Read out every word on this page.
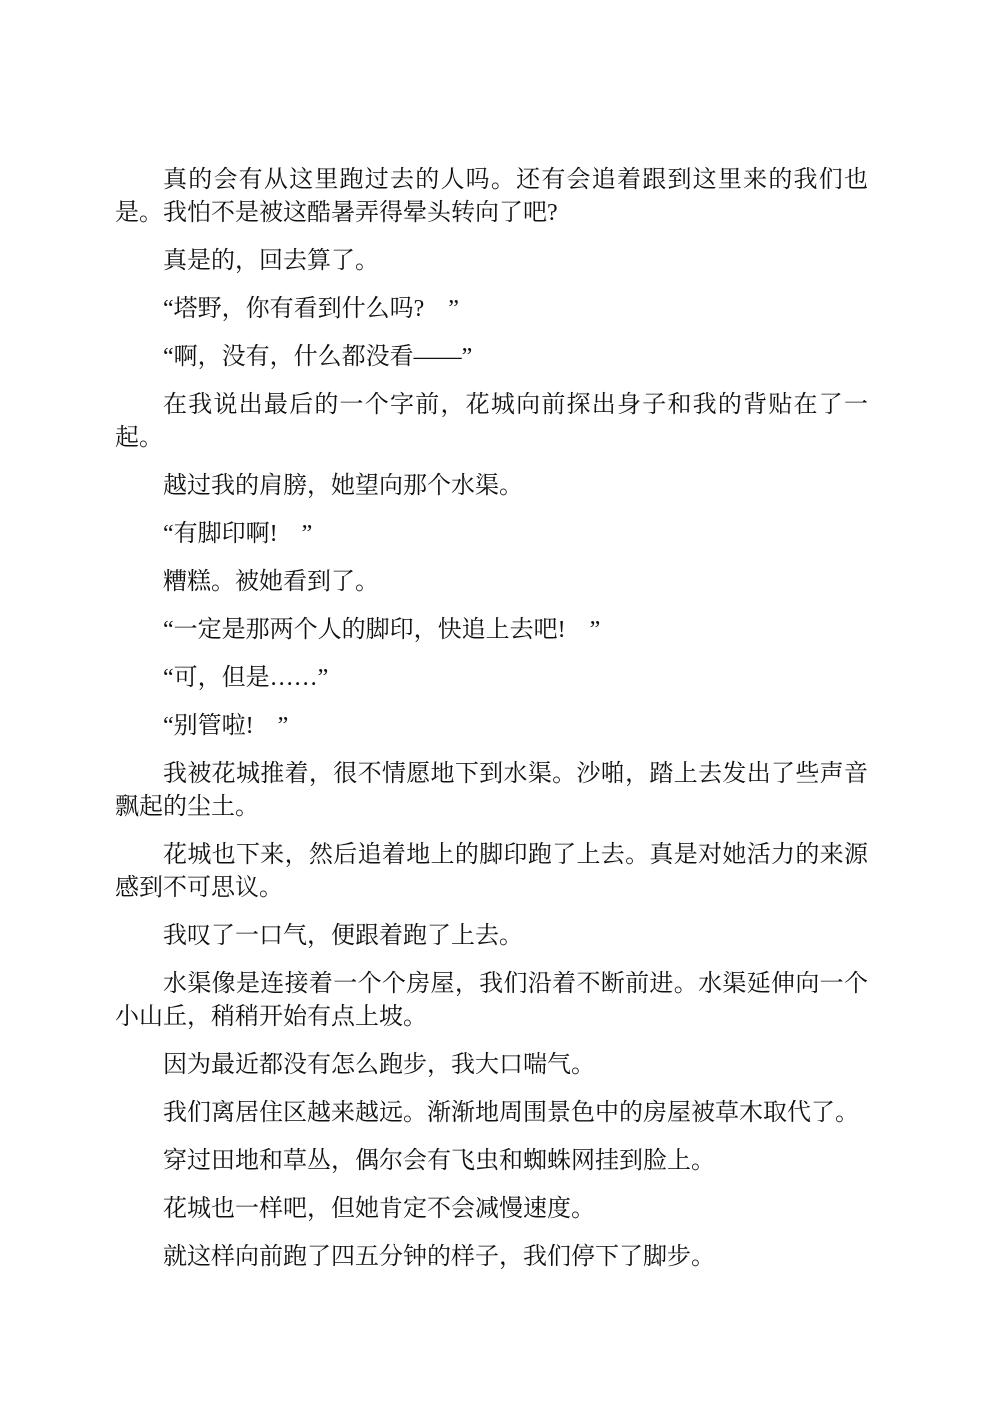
真的会有从这里跑过去的人吗。还有会追着跟到这里来的我们也是。我怕不是被这酷暑弄得晕头转向了吧?

真是的，回去算了。

“塔野，你有看到什么吗?　”

“啊，没有，什么都没看——”

在我说出最后的一个字前，花城向前探出身子和我的背贴在了一起。

越过我的肩膀，她望向那个水渠。

“有脚印啊!　”

糟糕。被她看到了。

“一定是那两个人的脚印，快追上去吧!　”

“可，但是……”

“别管啦!　”

我被花城推着，很不情愿地下到水渠。沙啪，踏上去发出了些声音飘起的尘土。

花城也下来，然后追着地上的脚印跑了上去。真是对她活力的来源感到不可思议。

我叹了一口气，便跟着跑了上去。

水渠像是连接着一个个房屋，我们沿着不断前进。水渠延伸向一个小山丘，稍稍开始有点上坡。

因为最近都没有怎么跑步，我大口喘气。

我们离居住区越来越远。渐渐地周围景色中的房屋被草木取代了。

穿过田地和草丛，偶尔会有飞虫和蜘蛛网挂到脸上。

花城也一样吧，但她肯定不会减慢速度。

就这样向前跑了四五分钟的样子，我们停下了脚步。
